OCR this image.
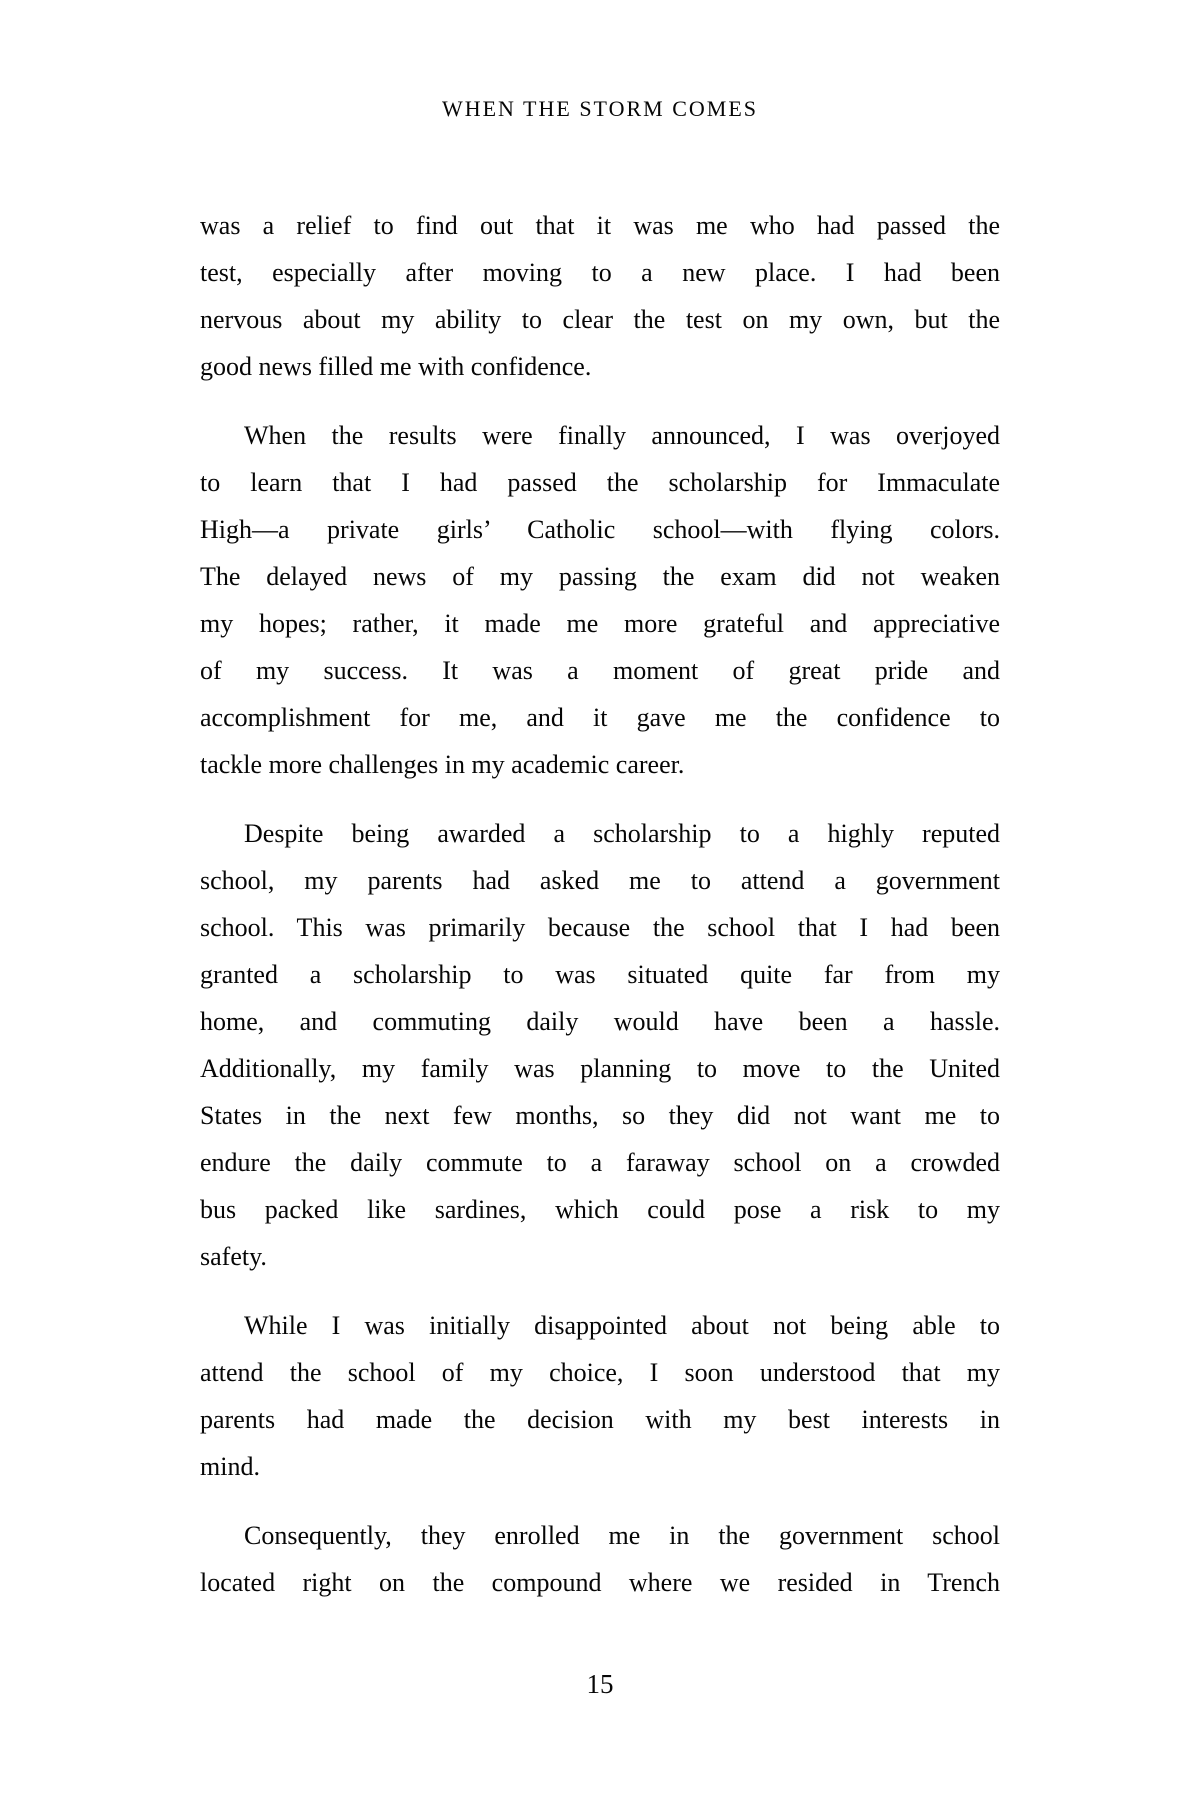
WHEN THE STORM COMES
was a relief to find out that it was me who had passed the
test, especially after moving to a new place. I had been
nervous about my ability to clear the test on my own, but the
good news filled me with confidence.
When the results were finally announced, I was overjoyed
to learn that I had passed the scholarship for Immaculate
High—a private girls’ Catholic school—with flying colors.
The delayed news of my passing the exam did not weaken
my hopes; rather, it made me more grateful and appreciative
of my success. It was a moment of great pride and
accomplishment for me, and it gave me the confidence to
tackle more challenges in my academic career.
Despite being awarded a scholarship to a highly reputed
school, my parents had asked me to attend a government
school. This was primarily because the school that I had been
granted a scholarship to was situated quite far from my
home, and commuting daily would have been a hassle.
Additionally, my family was planning to move to the United
States in the next few months, so they did not want me to
endure the daily commute to a faraway school on a crowded
bus packed like sardines, which could pose a risk to my
safety.
While I was initially disappointed about not being able to
attend the school of my choice, I soon understood that my
parents had made the decision with my best interests in
mind.
Consequently, they enrolled me in the government school
located right on the compound where we resided in Trench
15
